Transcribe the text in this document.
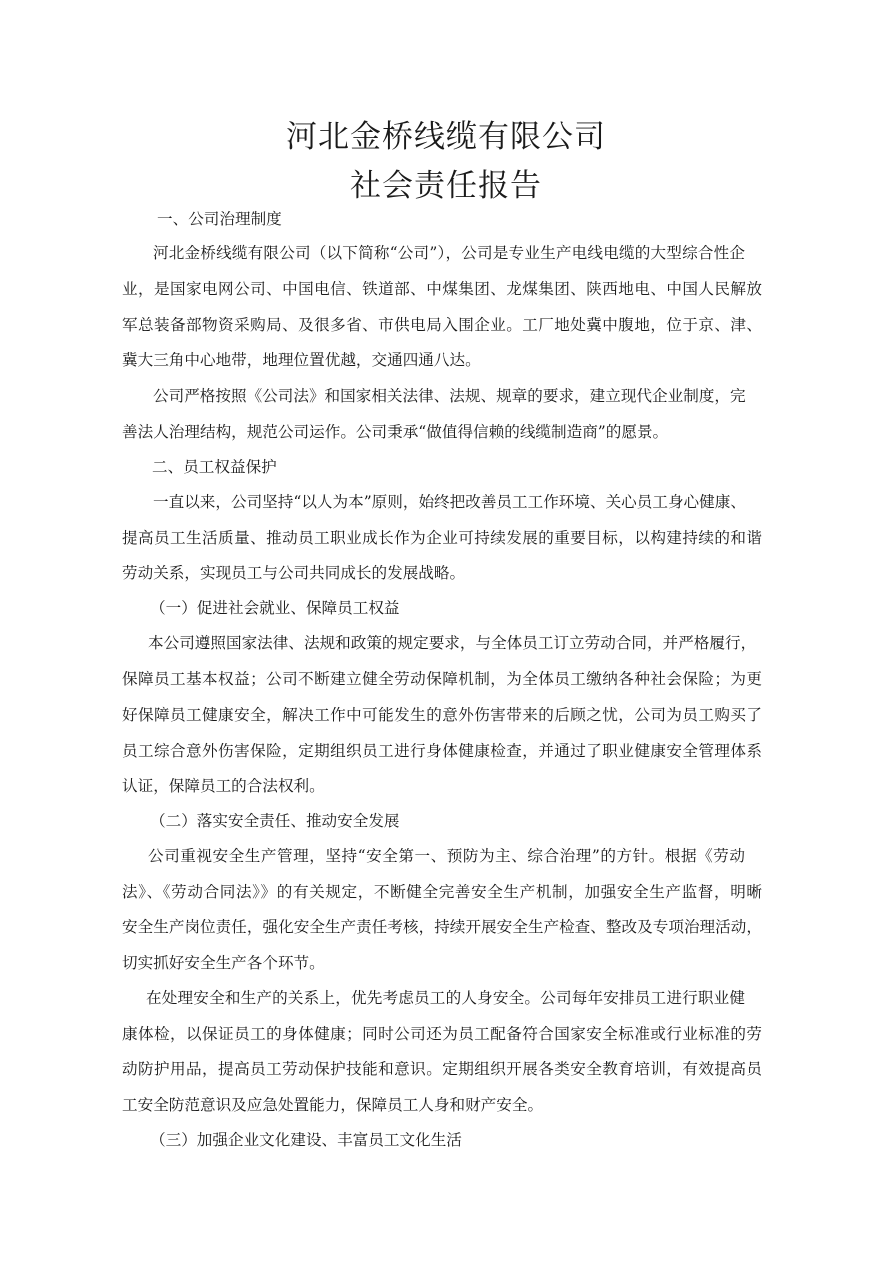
河北金桥线缆有限公司
社会责任报告
一、公司治理制度
河北金桥线缆有限公司（以下简称“公司”），公司是专业生产电线电缆的大型综合性企
业，是国家电网公司、中国电信、铁道部、中煤集团、龙煤集团、陕西地电、中国人民解放
军总装备部物资采购局、及很多省、市供电局入围企业。工厂地处冀中腹地，位于京、津、
冀大三角中心地带，地理位置优越，交通四通八达。
公司严格按照《公司法》和国家相关法律、法规、规章的要求，建立现代企业制度，完
善法人治理结构，规范公司运作。公司秉承“做值得信赖的线缆制造商”的愿景。
二、员工权益保护
一直以来，公司坚持“以人为本”原则，始终把改善员工工作环境、关心员工身心健康、
提高员工生活质量、推动员工职业成长作为企业可持续发展的重要目标，以构建持续的和谐
劳动关系，实现员工与公司共同成长的发展战略。
（一）促进社会就业、保障员工权益
本公司遵照国家法律、法规和政策的规定要求，与全体员工订立劳动合同，并严格履行，
保障员工基本权益；公司不断建立健全劳动保障机制，为全体员工缴纳各种社会保险；为更
好保障员工健康安全，解决工作中可能发生的意外伤害带来的后顾之忧，公司为员工购买了
员工综合意外伤害保险，定期组织员工进行身体健康检查，并通过了职业健康安全管理体系
认证，保障员工的合法权利。
（二）落实安全责任、推动安全发展
公司重视安全生产管理，坚持“安全第一、预防为主、综合治理”的方针。根据《劳动
法》、《劳动合同法》》的有关规定，不断健全完善安全生产机制，加强安全生产监督，明晰
安全生产岗位责任，强化安全生产责任考核，持续开展安全生产检查、整改及专项治理活动，
切实抓好安全生产各个环节。
在处理安全和生产的关系上，优先考虑员工的人身安全。公司每年安排员工进行职业健
康体检，以保证员工的身体健康；同时公司还为员工配备符合国家安全标准或行业标准的劳
动防护用品，提高员工劳动保护技能和意识。定期组织开展各类安全教育培训，有效提高员
工安全防范意识及应急处置能力，保障员工人身和财产安全。
（三）加强企业文化建设、丰富员工文化生活
